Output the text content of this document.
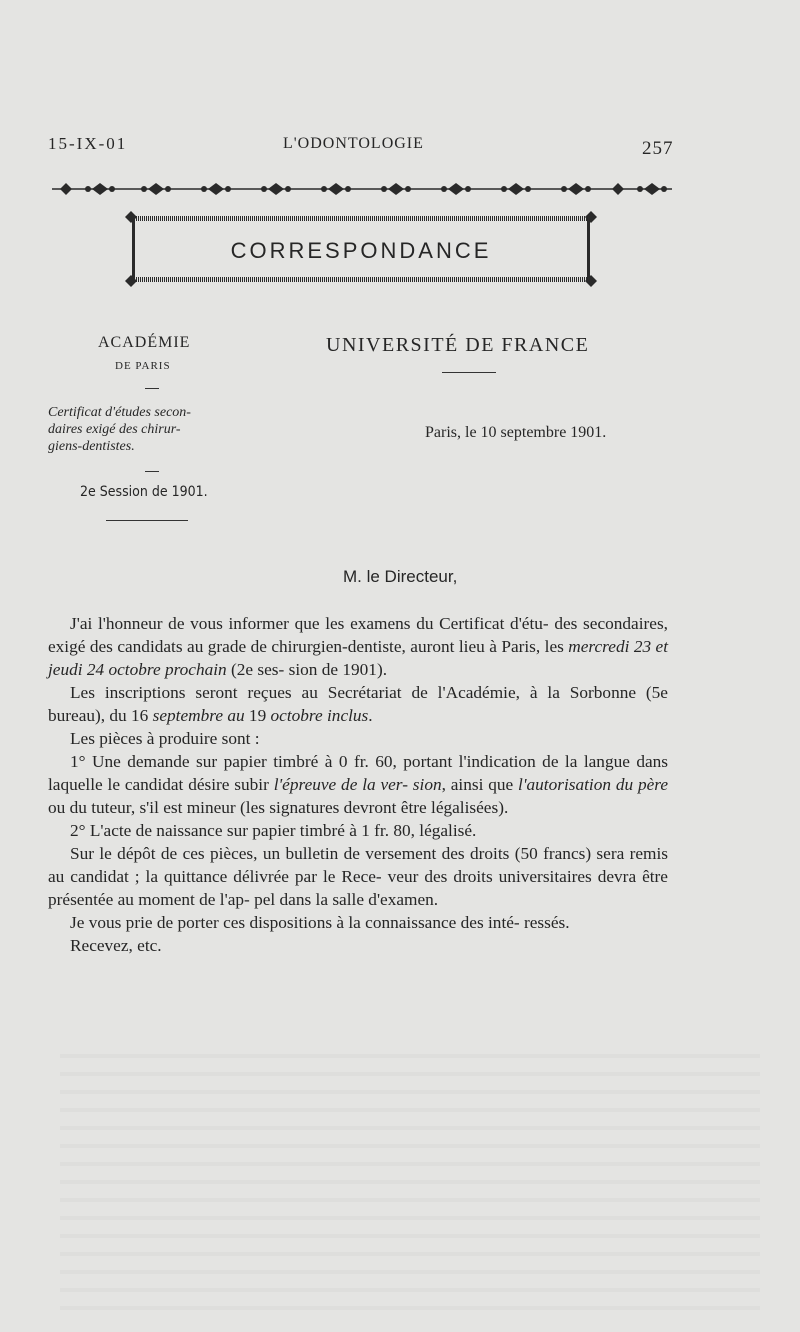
15-IX-01	L'ODONTOLOGIE	257
CORRESPONDANCE
ACADÉMIE
DE PARIS
Certificat d'études secon-
daires exigé des chirur-
giens-dentistes.
2e Session de 1901.
UNIVERSITÉ DE FRANCE
Paris, le 10 septembre 1901.
M. le Directeur,

J'ai l'honneur de vous informer que les examens du Certificat d'étu- des secondaires, exigé des candidats au grade de chirurgien-dentiste, auront lieu à Paris, les mercredi 23 et jeudi 24 octobre prochain (2e ses- sion de 1901).

Les inscriptions seront reçues au Secrétariat de l'Académie, à la Sorbonne (5e bureau), du 16 septembre au 19 octobre inclus.

Les pièces à produire sont :

1° Une demande sur papier timbré à 0 fr. 60, portant l'indication de la langue dans laquelle le candidat désire subir l'épreuve de la ver- sion, ainsi que l'autorisation du père ou du tuteur, s'il est mineur (les signatures devront être légalisées).

2° L'acte de naissance sur papier timbré à 1 fr. 80, légalisé.

Sur le dépôt de ces pièces, un bulletin de versement des droits (50 francs) sera remis au candidat ; la quittance délivrée par le Rece- veur des droits universitaires devra être présentée au moment de l'ap- pel dans la salle d'examen.

Je vous prie de porter ces dispositions à la connaissance des inté- ressés.

Recevez, etc.
